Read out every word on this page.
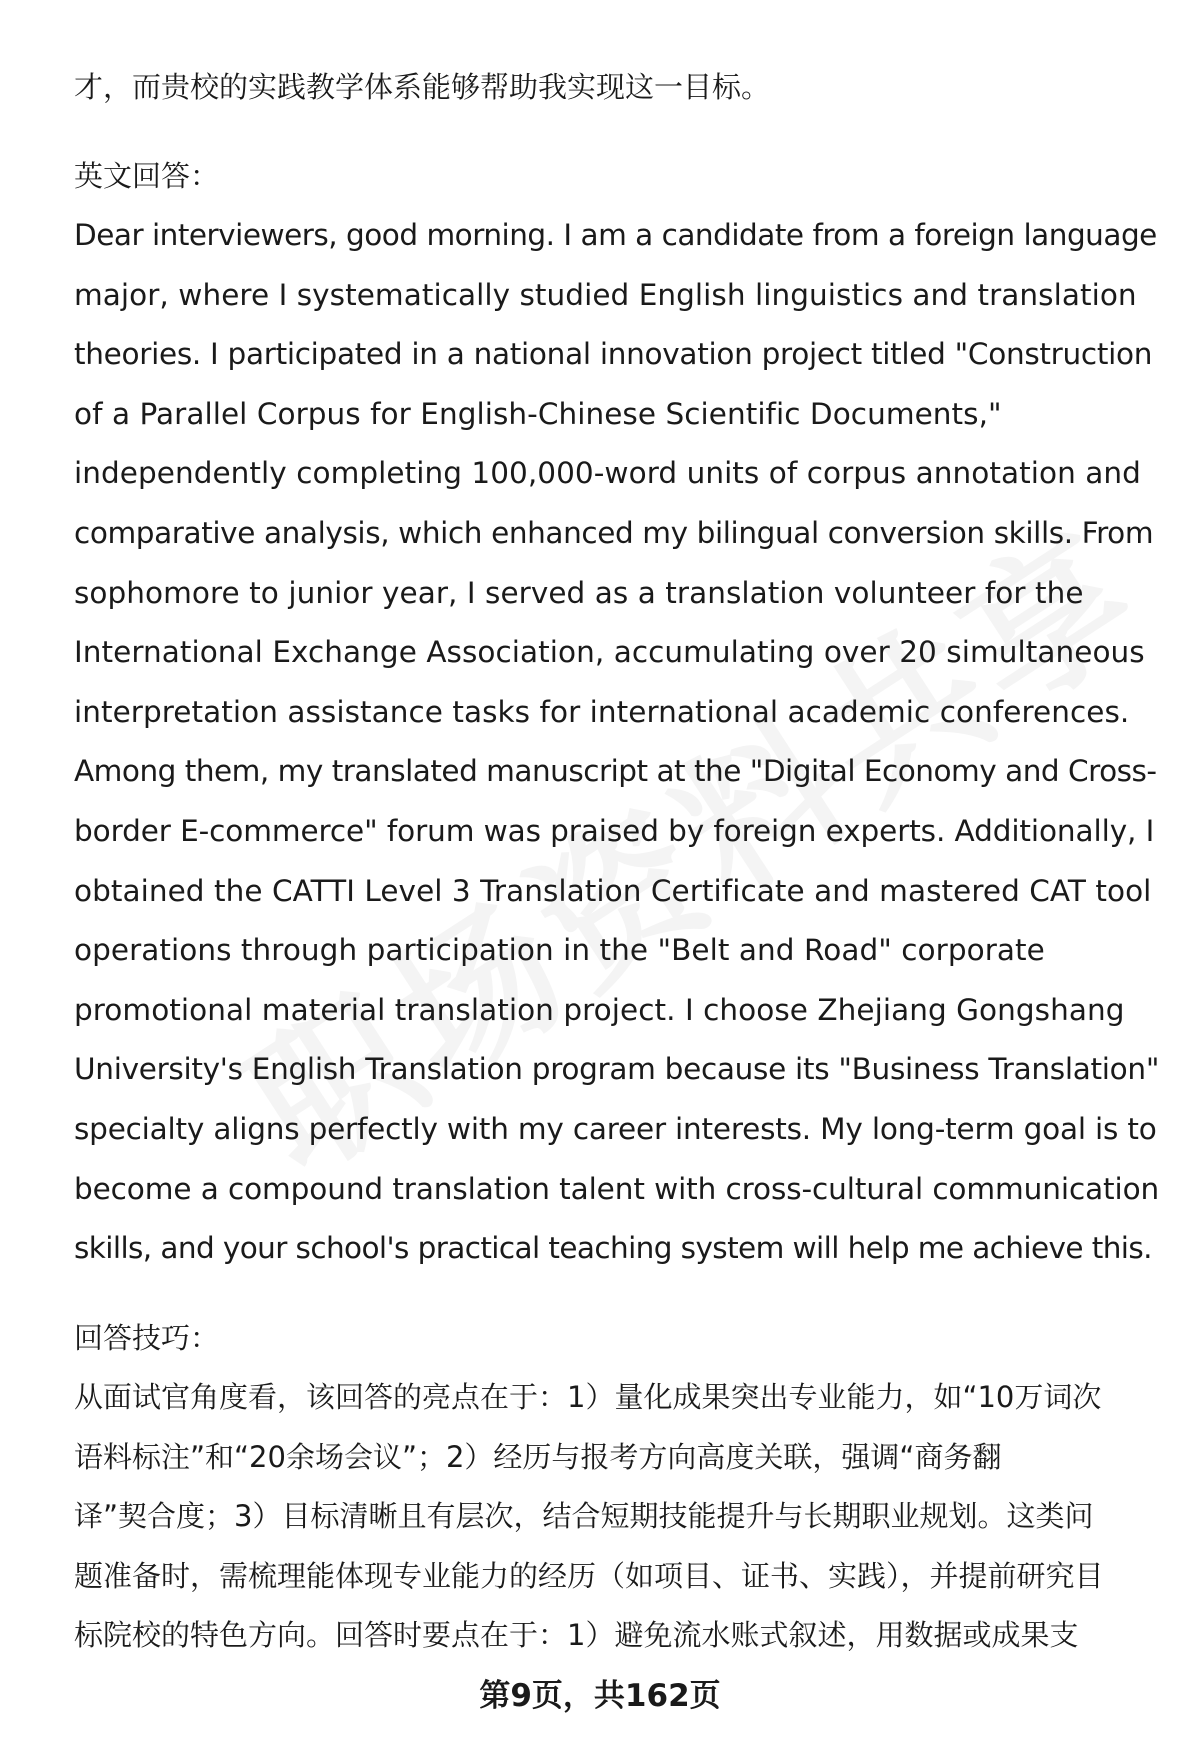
才，而贵校的实践教学体系能够帮助我实现这一目标。

英文回答：

Dear interviewers, good morning. I am a candidate from a foreign language

major, where I systematically studied English linguistics and translation

theories. I participated in a national innovation project titled "Construction

of a Parallel Corpus for English-Chinese Scientific Documents,"

independently completing 100,000-word units of corpus annotation and

comparative analysis, which enhanced my bilingual conversion skills. From

sophomore to junior year, I served as a translation volunteer for the

International Exchange Association, accumulating over 20 simultaneous

interpretation assistance tasks for international academic conferences.

Among them, my translated manuscript at the "Digital Economy and Cross-

border E-commerce" forum was praised by foreign experts. Additionally, I

obtained the CATTI Level 3 Translation Certificate and mastered CAT tool

operations through participation in the "Belt and Road" corporate

promotional material translation project. I choose Zhejiang Gongshang

University's English Translation program because its "Business Translation"

specialty aligns perfectly with my career interests. My long-term goal is to

become a compound translation talent with cross-cultural communication

skills, and your school's practical teaching system will help me achieve this.

回答技巧：

从面试官角度看，该回答的亮点在于：1）量化成果突出专业能力，如“10万词次

语料标注”和“20余场会议”；2）经历与报考方向高度关联，强调“商务翻

译”契合度；3）目标清晰且有层次，结合短期技能提升与长期职业规划。这类问

题准备时，需梳理能体现专业能力的经历（如项目、证书、实践），并提前研究目

标院校的特色方向。回答时要点在于：1）避免流水账式叙述，用数据或成果支

第9页，共162页
